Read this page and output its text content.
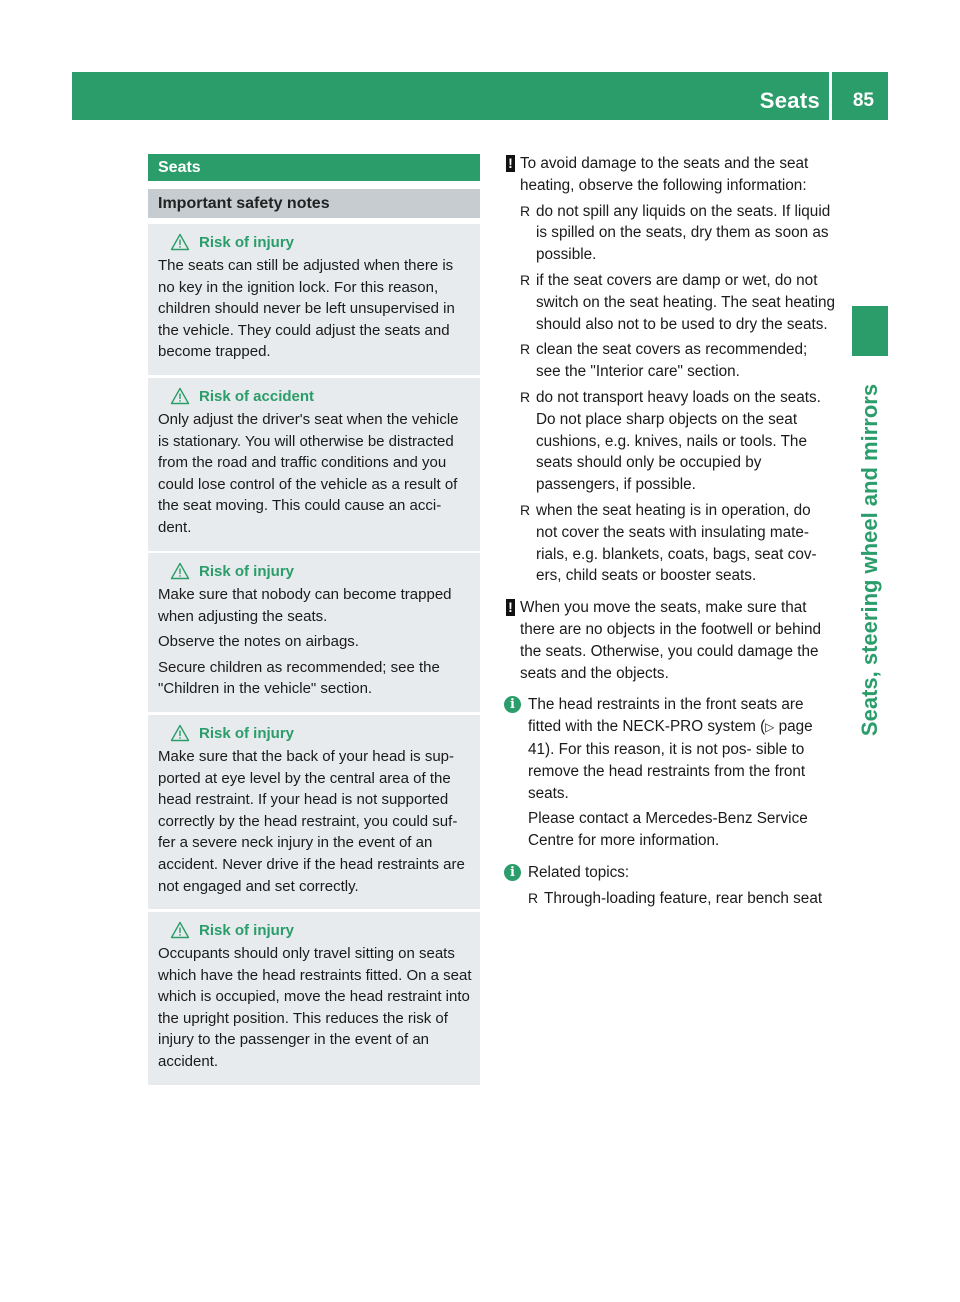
Seats 85
Seats, steering wheel and mirrors
Seats
Important safety notes
Risk of injury

The seats can still be adjusted when there is no key in the ignition lock. For this reason, children should never be left unsupervised in the vehicle. They could adjust the seats and become trapped.

Risk of accident

Only adjust the driver's seat when the vehicle is stationary. You will otherwise be distracted from the road and traffic conditions and you could lose control of the vehicle as a result of the seat moving. This could cause an acci- dent.

Risk of injury

Make sure that nobody can become trapped when adjusting the seats.

Observe the notes on airbags.

Secure children as recommended; see the "Children in the vehicle" section.

Risk of injury

Make sure that the back of your head is sup- ported at eye level by the central area of the head restraint. If your head is not supported correctly by the head restraint, you could suf- fer a severe neck injury in the event of an accident. Never drive if the head restraints are not engaged and set correctly.

Risk of injury

Occupants should only travel sitting on seats which have the head restraints fitted. On a seat which is occupied, move the head restraint into the upright position. This reduces the risk of injury to the passenger in the event of an accident.

! To avoid damage to the seats and the seat heating, observe the following information:

R do not spill any liquids on the seats. If liquid is spilled on the seats, dry them as soon as possible.
R if the seat covers are damp or wet, do not switch on the seat heating. The seat heating should also not to be used to dry the seats.
R clean the seat covers as recommended; see the "Interior care" section.
R do not transport heavy loads on the seats. Do not place sharp objects on the seat cushions, e.g. knives, nails or tools. The seats should only be occupied by passengers, if possible.
R when the seat heating is in operation, do not cover the seats with insulating mate- rials, e.g. blankets, coats, bags, seat cov- ers, child seats or booster seats.
! When you move the seats, make sure that there are no objects in the footwell or behind the seats. Otherwise, you could damage the seats and the objects.

i The head restraints in the front seats are fitted with the NECK-PRO system (▷ page 41). For this reason, it is not pos- sible to remove the head restraints from the front seats.

Please contact a Mercedes-Benz Service Centre for more information.

i Related topics:

R Through-loading feature, rear bench seat
